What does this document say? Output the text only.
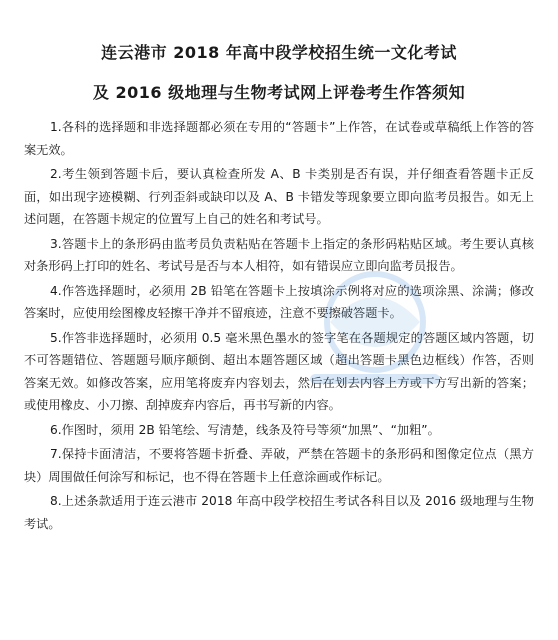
连云港市 2018 年高中段学校招生统一文化考试
及 2016 级地理与生物考试网上评卷考生作答须知

1.各科的选择题和非选择题都必须在专用的“答题卡”上作答，在试卷或草稿纸上作答的答案无效。

2.考生领到答题卡后，要认真检查所发 A、B 卡类别是否有误，并仔细查看答题卡正反面，如出现字迹模糊、行列歪斜或缺印以及 A、B 卡错发等现象要立即向监考员报告。如无上述问题，在答题卡规定的位置写上自己的姓名和考试号。

3.答题卡上的条形码由监考员负责粘贴在答题卡上指定的条形码粘贴区域。考生要认真核对条形码上打印的姓名、考试号是否与本人相符，如有错误应立即向监考员报告。

4.作答选择题时，必须用 2B 铅笔在答题卡上按填涂示例将对应的选项涂黑、涂满；修改答案时，应使用绘图橡皮轻擦干净并不留痕迹，注意不要擦破答题卡。

5.作答非选择题时，必须用 0.5 毫米黑色墨水的签字笔在各题规定的答题区域内答题，切不可答题错位、答题题号顺序颠倒、超出本题答题区域（超出答题卡黑色边框线）作答，否则答案无效。如修改答案，应用笔将废弃内容划去，然后在划去内容上方或下方写出新的答案；或使用橡皮、小刀擦、刮掉废弃内容后，再书写新的内容。

6.作图时，须用 2B 铅笔绘、写清楚，线条及符号等须“加黑”、“加粗”。

7.保持卡面清洁，不要将答题卡折叠、弄破，严禁在答题卡的条形码和图像定位点（黑方块）周围做任何涂写和标记，也不得在答题卡上任意涂画或作标记。

8.上述条款适用于连云港市 2018 年高中段学校招生考试各科目以及 2016 级地理与生物考试。
